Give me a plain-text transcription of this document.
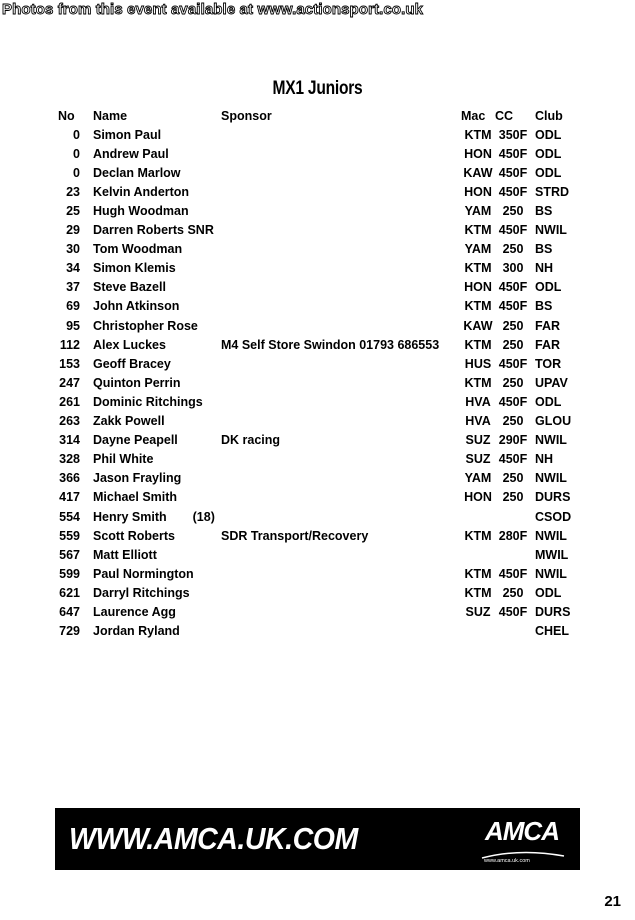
Photos from this event available at www.actionsport.co.uk
MX1 Juniors
No		Name	Sponsor	Mac	CC	Club
0		Simon Paul		KTM	350F	ODL
0		Andrew Paul		HON	450F	ODL
0		Declan Marlow		KAW	450F	ODL
23		Kelvin Anderton		HON	450F	STRD
25		Hugh Woodman		YAM	250	BS
29		Darren Roberts SNR		KTM	450F	NWIL
30		Tom Woodman		YAM	250	BS
34		Simon Klemis		KTM	300	NH
37		Steve Bazell		HON	450F	ODL
69		John Atkinson		KTM	450F	BS
95		Christopher Rose		KAW	250	FAR
112		Alex Luckes	M4 Self Store Swindon 01793 686553	KTM	250	FAR
153		Geoff Bracey		HUS	450F	TOR
247		Quinton Perrin		KTM	250	UPAV
261		Dominic Ritchings		HVA	450F	ODL
263		Zakk Powell		HVA	250	GLOU
314		Dayne Peapell	DK racing	SUZ	290F	NWIL
328		Phil White		SUZ	450F	NH
366		Jason Frayling		YAM	250	NWIL
417		Michael Smith		HON	250	DURS
554		Henry Smith (18)				CSOD
559		Scott Roberts	SDR Transport/Recovery	KTM	280F	NWIL
567		Matt Elliott				MWIL
599		Paul Normington		KTM	450F	NWIL
621		Darryl Ritchings		KTM	250	ODL
647		Laurence Agg		SUZ	450F	DURS
729		Jordan Ryland				CHEL
WWW.AMCA.UK.COM	AMCA
www.amca.uk.com
21
